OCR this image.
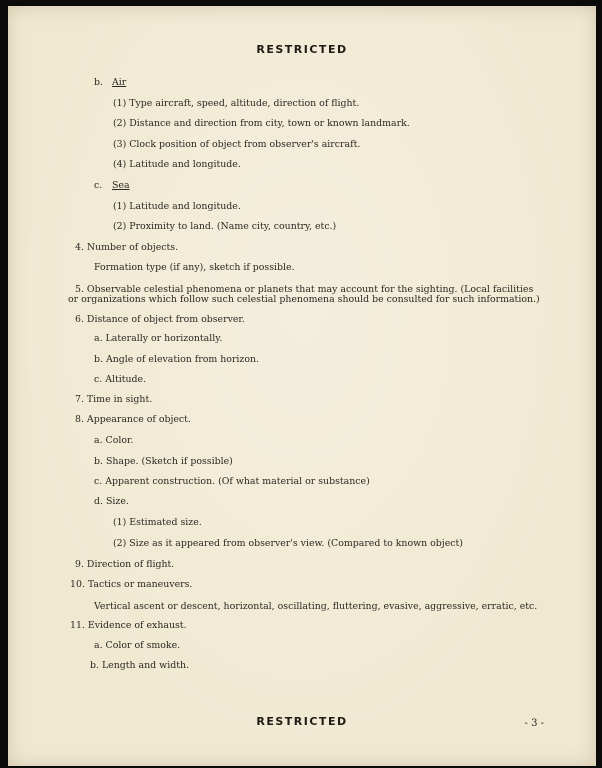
RESTRICTED
b. Air
(1) Type aircraft, speed, altitude, direction of flight.
(2) Distance and direction from city, town or known landmark.
(3) Clock position of object from observer's aircraft.
(4) Latitude and longitude.
c. Sea
(1) Latitude and longitude.
(2) Proximity to land. (Name city, country, etc.)
4. Number of objects.
Formation type (if any), sketch if possible.
5. Observable celestial phenomena or planets that may account for the sighting. (Local facilities
or organizations which follow such celestial phenomena should be consulted for such information.)
6. Distance of object from observer.
a. Laterally or horizontally.
b. Angle of elevation from horizon.
c. Altitude.
7. Time in sight.
8. Appearance of object.
a. Color.
b. Shape. (Sketch if possible)
c. Apparent construction. (Of what material or substance)
d. Size.
(1) Estimated size.
(2) Size as it appeared from observer's view. (Compared to known object)
9. Direction of flight.
10. Tactics or maneuvers.
Vertical ascent or descent, horizontal, oscillating, fluttering, evasive, aggressive, erratic, etc.
11. Evidence of exhaust.
a. Color of smoke.
b. Length and width.
RESTRICTED	- 3 -
